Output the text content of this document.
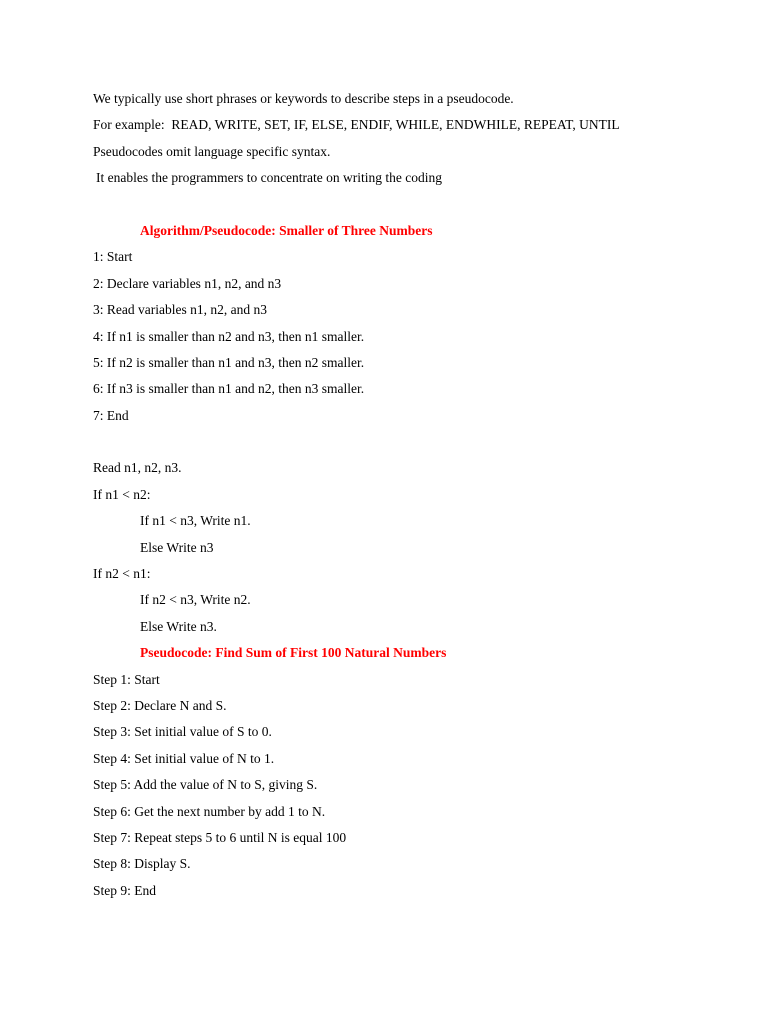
We typically use short phrases or keywords to describe steps in a pseudocode.
For example:  READ, WRITE, SET, IF, ELSE, ENDIF, WHILE, ENDWHILE, REPEAT, UNTIL
Pseudocodes omit language specific syntax.
It enables the programmers to concentrate on writing the coding
Algorithm/Pseudocode: Smaller of Three Numbers
1: Start
2: Declare variables n1, n2, and n3
3: Read variables n1, n2, and n3
4: If n1 is smaller than n2 and n3, then n1 smaller.
5: If n2 is smaller than n1 and n3, then n2 smaller.
6: If n3 is smaller than n1 and n2, then n3 smaller.
7: End
Read n1, n2, n3.
If n1 < n2:
If n1 < n3, Write n1.
Else Write n3
If n2 < n1:
If n2 < n3, Write n2.
Else Write n3.
Pseudocode: Find Sum of First 100 Natural Numbers
Step 1: Start
Step 2: Declare N and S.
Step 3: Set initial value of S to 0.
Step 4: Set initial value of N to 1.
Step 5: Add the value of N to S, giving S.
Step 6: Get the next number by add 1 to N.
Step 7: Repeat steps 5 to 6 until N is equal 100
Step 8: Display S.
Step 9: End
